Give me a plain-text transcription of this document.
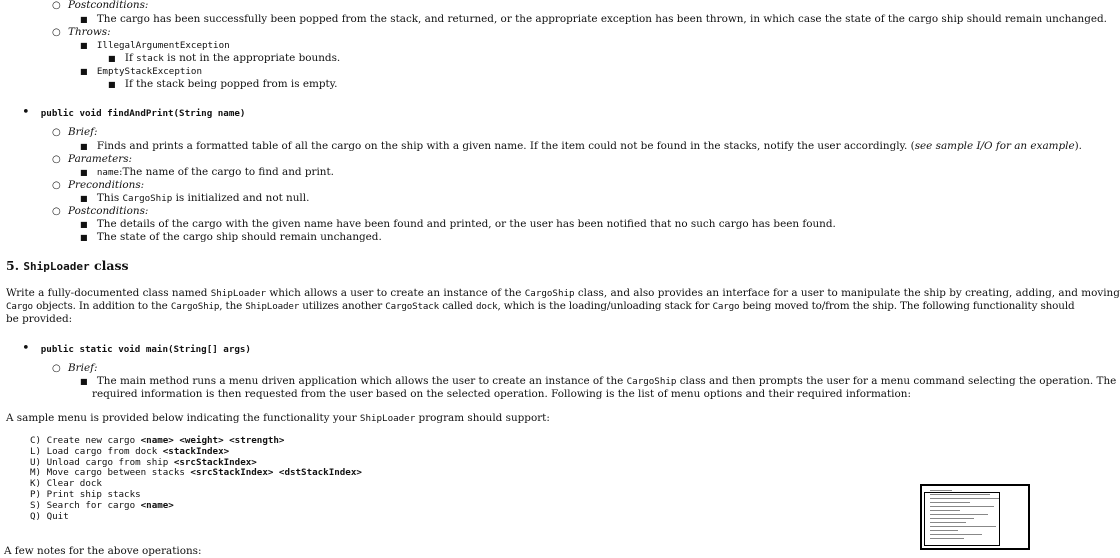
○ Postconditions:
■ The cargo has been successfully been popped from the stack, and returned, or the appropriate exception has been thrown, in which case the state of the cargo ship should remain unchanged.
○ Throws:
■ IllegalArgumentException
■ If stack is not in the appropriate bounds.
■ EmptyStackException
■ If the stack being popped from is empty.
• public void findAndPrint(String name)
○ Brief:
■ Finds and prints a formatted table of all the cargo on the ship with a given name. If the item could not be found in the stacks, notify the user accordingly. (see sample I/O for an example).
○ Parameters:
■ name:The name of the cargo to find and print.
○ Preconditions:
■ This CargoShip is initialized and not null.
○ Postconditions:
■ The details of the cargo with the given name have been found and printed, or the user has been notified that no such cargo has been found.
■ The state of the cargo ship should remain unchanged.
5. ShipLoader class
Write a fully-documented class named ShipLoader which allows a user to create an instance of the CargoShip class, and also provides an interface for a user to manipulate the ship by creating, adding, and moving
Cargo objects. In addition to the CargoShip, the ShipLoader utilizes another CargoStack called dock, which is the loading/unloading stack for Cargo being moved to/from the ship. The following functionality should
be provided:
• public static void main(String[] args)
○ Brief:
■ The main method runs a menu driven application which allows the user to create an instance of the CargoShip class and then prompts the user for a menu command selecting the operation. The
required information is then requested from the user based on the selected operation. Following is the list of menu options and their required information:
A sample menu is provided below indicating the functionality your ShipLoader program should support:
C) Create new cargo <name> <weight> <strength>
L) Load cargo from dock <stackIndex>
U) Unload cargo from ship <srcStackIndex>
M) Move cargo between stacks <srcStackIndex> <dstStackIndex>
K) Clear dock
P) Print ship stacks
S) Search for cargo <name>
Q) Quit
A few notes for the above operations:
